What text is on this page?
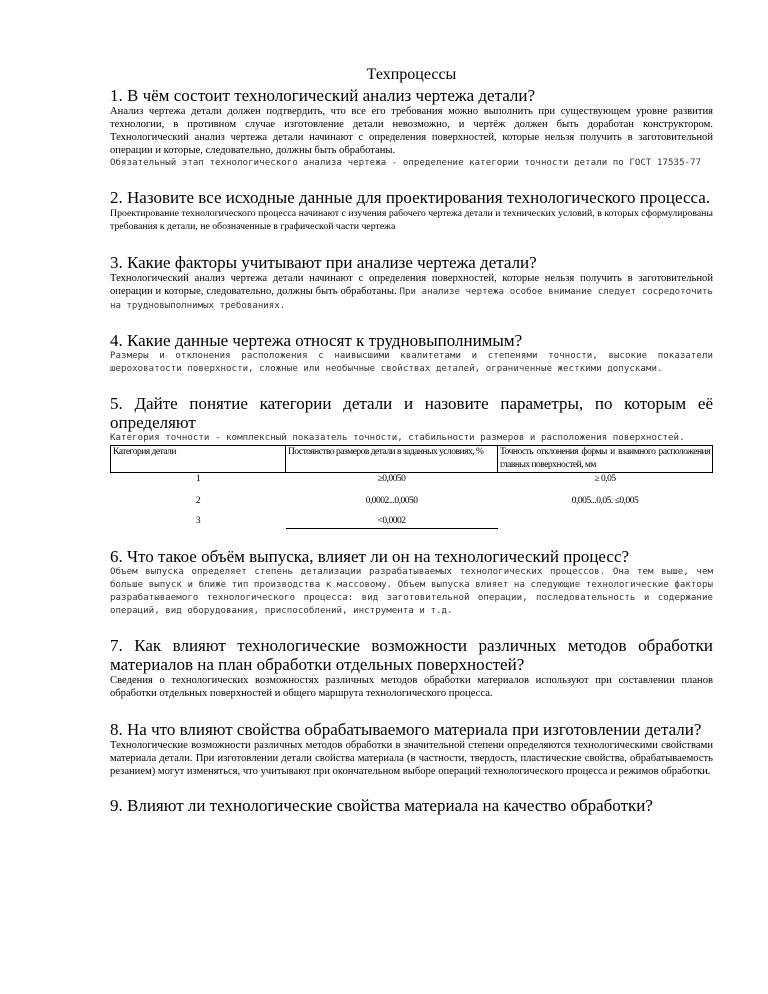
Техпроцессы
1. В чём состоит технологический анализ чертежа детали?

Анализ чертежа детали должен подтвердить, что все его требования можно выполнить при существующем уровне развития технологии, в противном случае изготовление детали невозможно, и чертёж должен быть доработан конструктором. Технологический анализ чертежа детали начинают с определения поверхностей, которые нельзя получить в заготовительной операции и которые, следовательно, должны быть обработаны.

Обязательный этап технологического анализа чертежа - определение категории точности детали по ГОСТ 17535-77

2. Назовите все исходные данные для проектирования технологического процесса.

Проектирование технологического процесса начинают с изучения рабочего чертежа детали и технических условий, в которых сформулированы требования к детали, не обозначенные в графической части чертежа

3. Какие факторы учитывают при анализе чертежа детали?

Технологический анализ чертежа детали начинают с определения поверхностей, которые нельзя получить в заготовительной операции и которые, следовательно, должны быть обработаны. При анализе чертежа особое внимание следует сосредоточить на трудновыполнимых требованиях.

4. Какие данные чертежа относят к трудновыполнимым?

Размеры и отклонения расположения с наивысшими квалитетами и степенями точности, высокие показатели шероховатости поверхности, сложные или необычные свойствах деталей, ограниченные жесткими допусками.

5. Дайте понятие категории детали и назовите параметры, по которым её определяют

Категория точности - комплексный показатель точности, стабильности размеров и расположения поверхностей.

Категория детали	Постоянство размеров детали в заданных условиях, %	Точность отклонения формы и взаимного расположения главных поверхностей, мм
1	≥0,0050	≥ 0,05
2	0,0002...0,0050	0,005...0,05. ≤0,005
3	<0,0002	
6. Что такое объём выпуска, влияет ли он на технологический процесс?

Объем выпуска определяет степень детализации разрабатываемых технологических процессов. Она тем выше, чем больше выпуск и ближе тип производства к массовому. Объем выпуска влияет на следующие технологические факторы разрабатываемого технологического процесса: вид заготовительной операции, последовательность и содержание операций, вид оборудования, приспособлений, инструмента и т.д.

7. Как влияют технологические возможности различных методов обработки материалов на план обработки отдельных поверхностей?

Сведения о технологических возможностях различных методов обработки материалов используют при составлении планов обработки отдельных поверхностей и общего маршрута технологического процесса.

8. На что влияют свойства обрабатываемого материала при изготовлении детали?

Технологические возможности различных методов обработки в значительной степени определяются технологическими свойствами материала детали. При изготовлении детали свойства материала (в частности, твердость, пластические свойства, обрабатываемость резанием) могут изменяться, что учитывают при окончательном выборе операций технологического процесса и режимов обработки.

9. Влияют ли технологические свойства материала на качество обработки?
